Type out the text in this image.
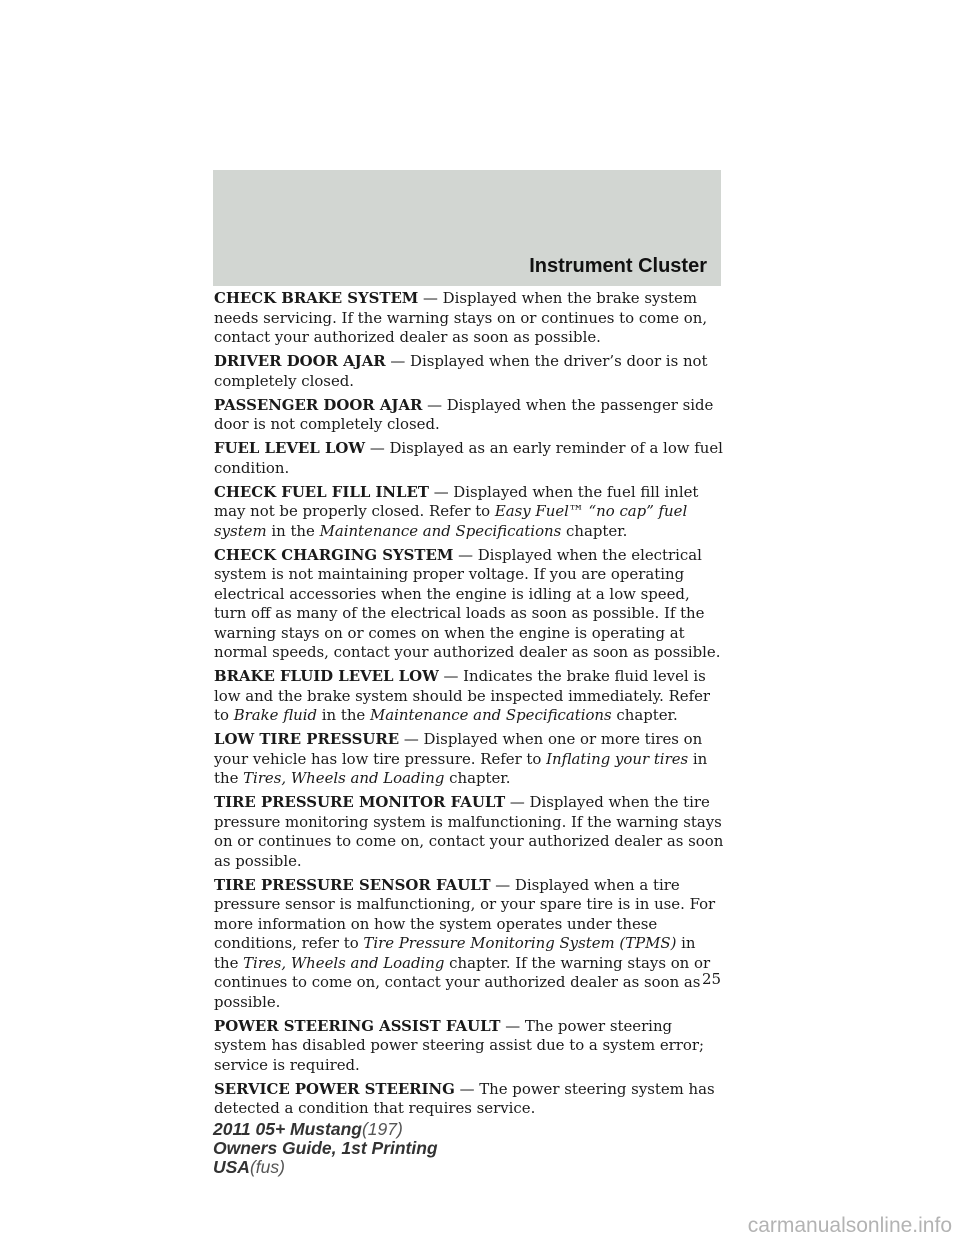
Instrument Cluster

CHECK BRAKE SYSTEM — Displayed when the brake system needs servicing. If the warning stays on or continues to come on, contact your authorized dealer as soon as possible.

DRIVER DOOR AJAR — Displayed when the driver’s door is not completely closed.

PASSENGER DOOR AJAR — Displayed when the passenger side door is not completely closed.

FUEL LEVEL LOW — Displayed as an early reminder of a low fuel condition.

CHECK FUEL FILL INLET — Displayed when the fuel fill inlet may not be properly closed. Refer to Easy Fuel™ “no cap” fuel system in the Maintenance and Specifications chapter.

CHECK CHARGING SYSTEM — Displayed when the electrical system is not maintaining proper voltage. If you are operating electrical accessories when the engine is idling at a low speed, turn off as many of the electrical loads as soon as possible. If the warning stays on or comes on when the engine is operating at normal speeds, contact your authorized dealer as soon as possible.

BRAKE FLUID LEVEL LOW — Indicates the brake fluid level is low and the brake system should be inspected immediately. Refer to Brake fluid in the Maintenance and Specifications chapter.

LOW TIRE PRESSURE — Displayed when one or more tires on your vehicle has low tire pressure. Refer to Inflating your tires in the Tires, Wheels and Loading chapter.

TIRE PRESSURE MONITOR FAULT — Displayed when the tire pressure monitoring system is malfunctioning. If the warning stays on or continues to come on, contact your authorized dealer as soon as possible.

TIRE PRESSURE SENSOR FAULT — Displayed when a tire pressure sensor is malfunctioning, or your spare tire is in use. For more information on how the system operates under these conditions, refer to Tire Pressure Monitoring System (TPMS) in the Tires, Wheels and Loading chapter. If the warning stays on or continues to come on, contact your authorized dealer as soon as possible.

POWER STEERING ASSIST FAULT — The power steering system has disabled power steering assist due to a system error; service is required.

SERVICE POWER STEERING — The power steering system has detected a condition that requires service.

25
2011 05+ Mustang(197)
Owners Guide, 1st Printing
USA(fus)
carmanualsonline.info
